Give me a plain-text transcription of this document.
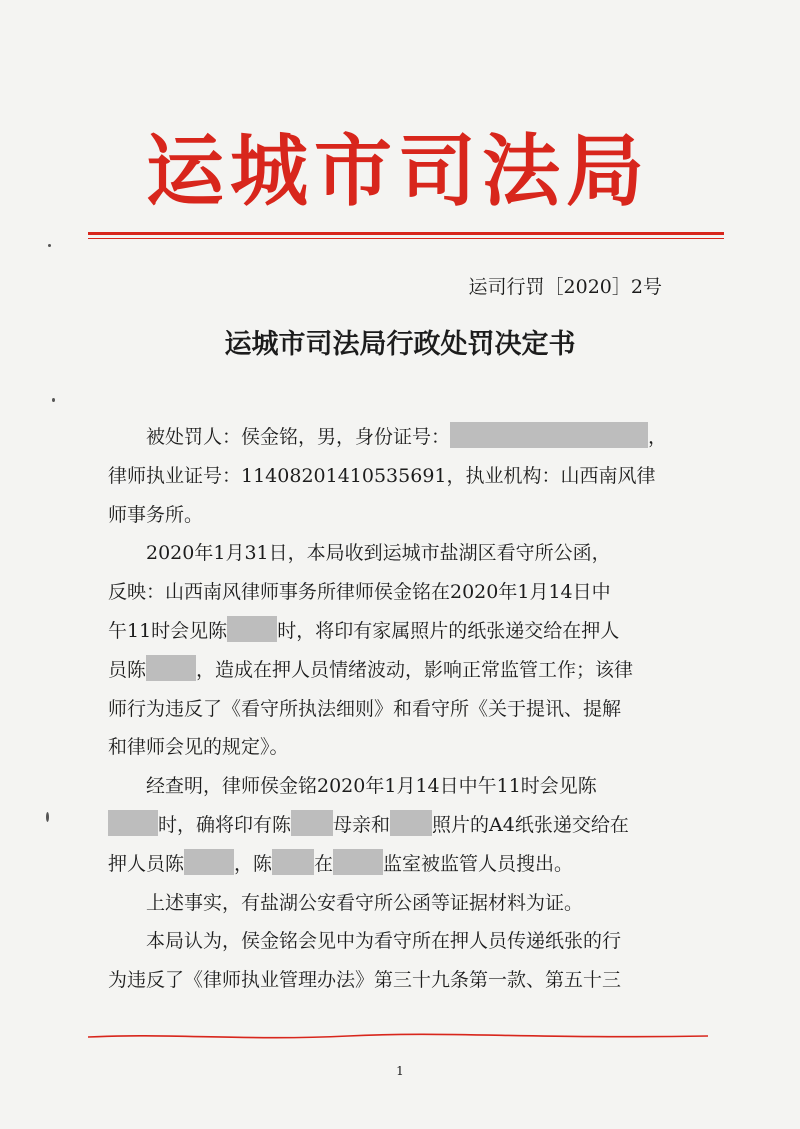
运城市司法局
运司行罚［2020］2号
运城市司法局行政处罚决定书
被处罚人：侯金铭，男，身份证号：	，
律师执业证号：11408201410535691，执业机构：山西南风律
师事务所。
2020年1月31日，本局收到运城市盐湖区看守所公函，
反映：山西南风律师事务所律师侯金铭在2020年1月14日中
午11时会见陈	时，将印有家属照片的纸张递交给在押人
员陈	，造成在押人员情绪波动，影响正常监管工作；该律
师行为违反了《看守所执法细则》和看守所《关于提讯、提解
和律师会见的规定》。
经查明，律师侯金铭2020年1月14日中午11时会见陈
时，确将印有陈 母亲和 照片的A4纸张递交给在
押人员陈	，陈 在	监室被监管人员搜出。
上述事实，有盐湖公安看守所公函等证据材料为证。
本局认为，侯金铭会见中为看守所在押人员传递纸张的行
为违反了《律师执业管理办法》第三十九条第一款、第五十三
1
